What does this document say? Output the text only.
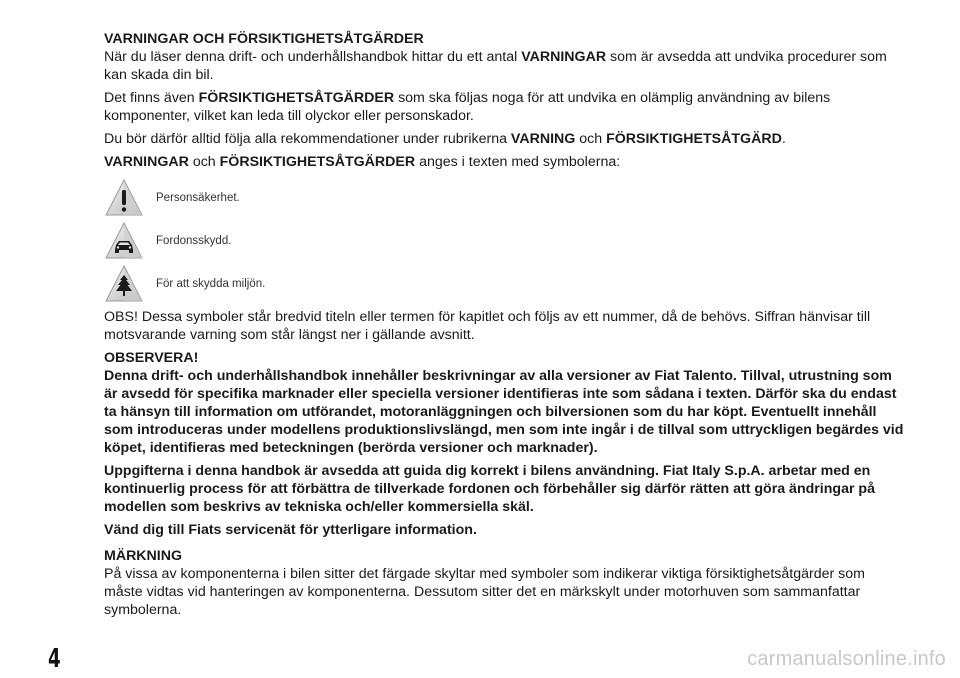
VARNINGAR OCH FÖRSIKTIGHETSÅTGÄRDER

När du läser denna drift- och underhållshandbok hittar du ett antal VARNINGAR som är avsedda att undvika procedurer som kan skada din bil.

Det finns även FÖRSIKTIGHETSÅTGÄRDER som ska följas noga för att undvika en olämplig användning av bilens komponenter, vilket kan leda till olyckor eller personskador.

Du bör därför alltid följa alla rekommendationer under rubrikerna VARNING och FÖRSIKTIGHETSÅTGÄRD.

VARNINGAR och FÖRSIKTIGHETSÅTGÄRDER anges i texten med symbolerna:

Personsäkerhet.
Fordonsskydd.
För att skydda miljön.

OBS! Dessa symboler står bredvid titeln eller termen för kapitlet och följs av ett nummer, då de behövs. Siffran hänvisar till motsvarande varning som står längst ner i gällande avsnitt.

OBSERVERA!

Denna drift- och underhållshandbok innehåller beskrivningar av alla versioner av Fiat Talento. Tillval, utrustning som är avsedd för specifika marknader eller speciella versioner identifieras inte som sådana i texten. Därför ska du endast ta hänsyn till information om utförandet, motoranläggningen och bilversionen som du har köpt. Eventuellt innehåll som introduceras under modellens produktionslivslängd, men som inte ingår i de tillval som uttryckligen begärdes vid köpet, identifieras med beteckningen (berörda versioner och marknader).

Uppgifterna i denna handbok är avsedda att guida dig korrekt i bilens användning. Fiat Italy S.p.A. arbetar med en kontinuerlig process för att förbättra de tillverkade fordonen och förbehåller sig därför rätten att göra ändringar på modellen som beskrivs av tekniska och/eller kommersiella skäl.

Vänd dig till Fiats servicenät för ytterligare information.

MÄRKNING

På vissa av komponenterna i bilen sitter det färgade skyltar med symboler som indikerar viktiga försiktighetsåtgärder som måste vidtas vid hanteringen av komponenterna. Dessutom sitter det en märkskylt under motorhuven som sammanfattar symbolerna.

4	carmanualsonline.info
